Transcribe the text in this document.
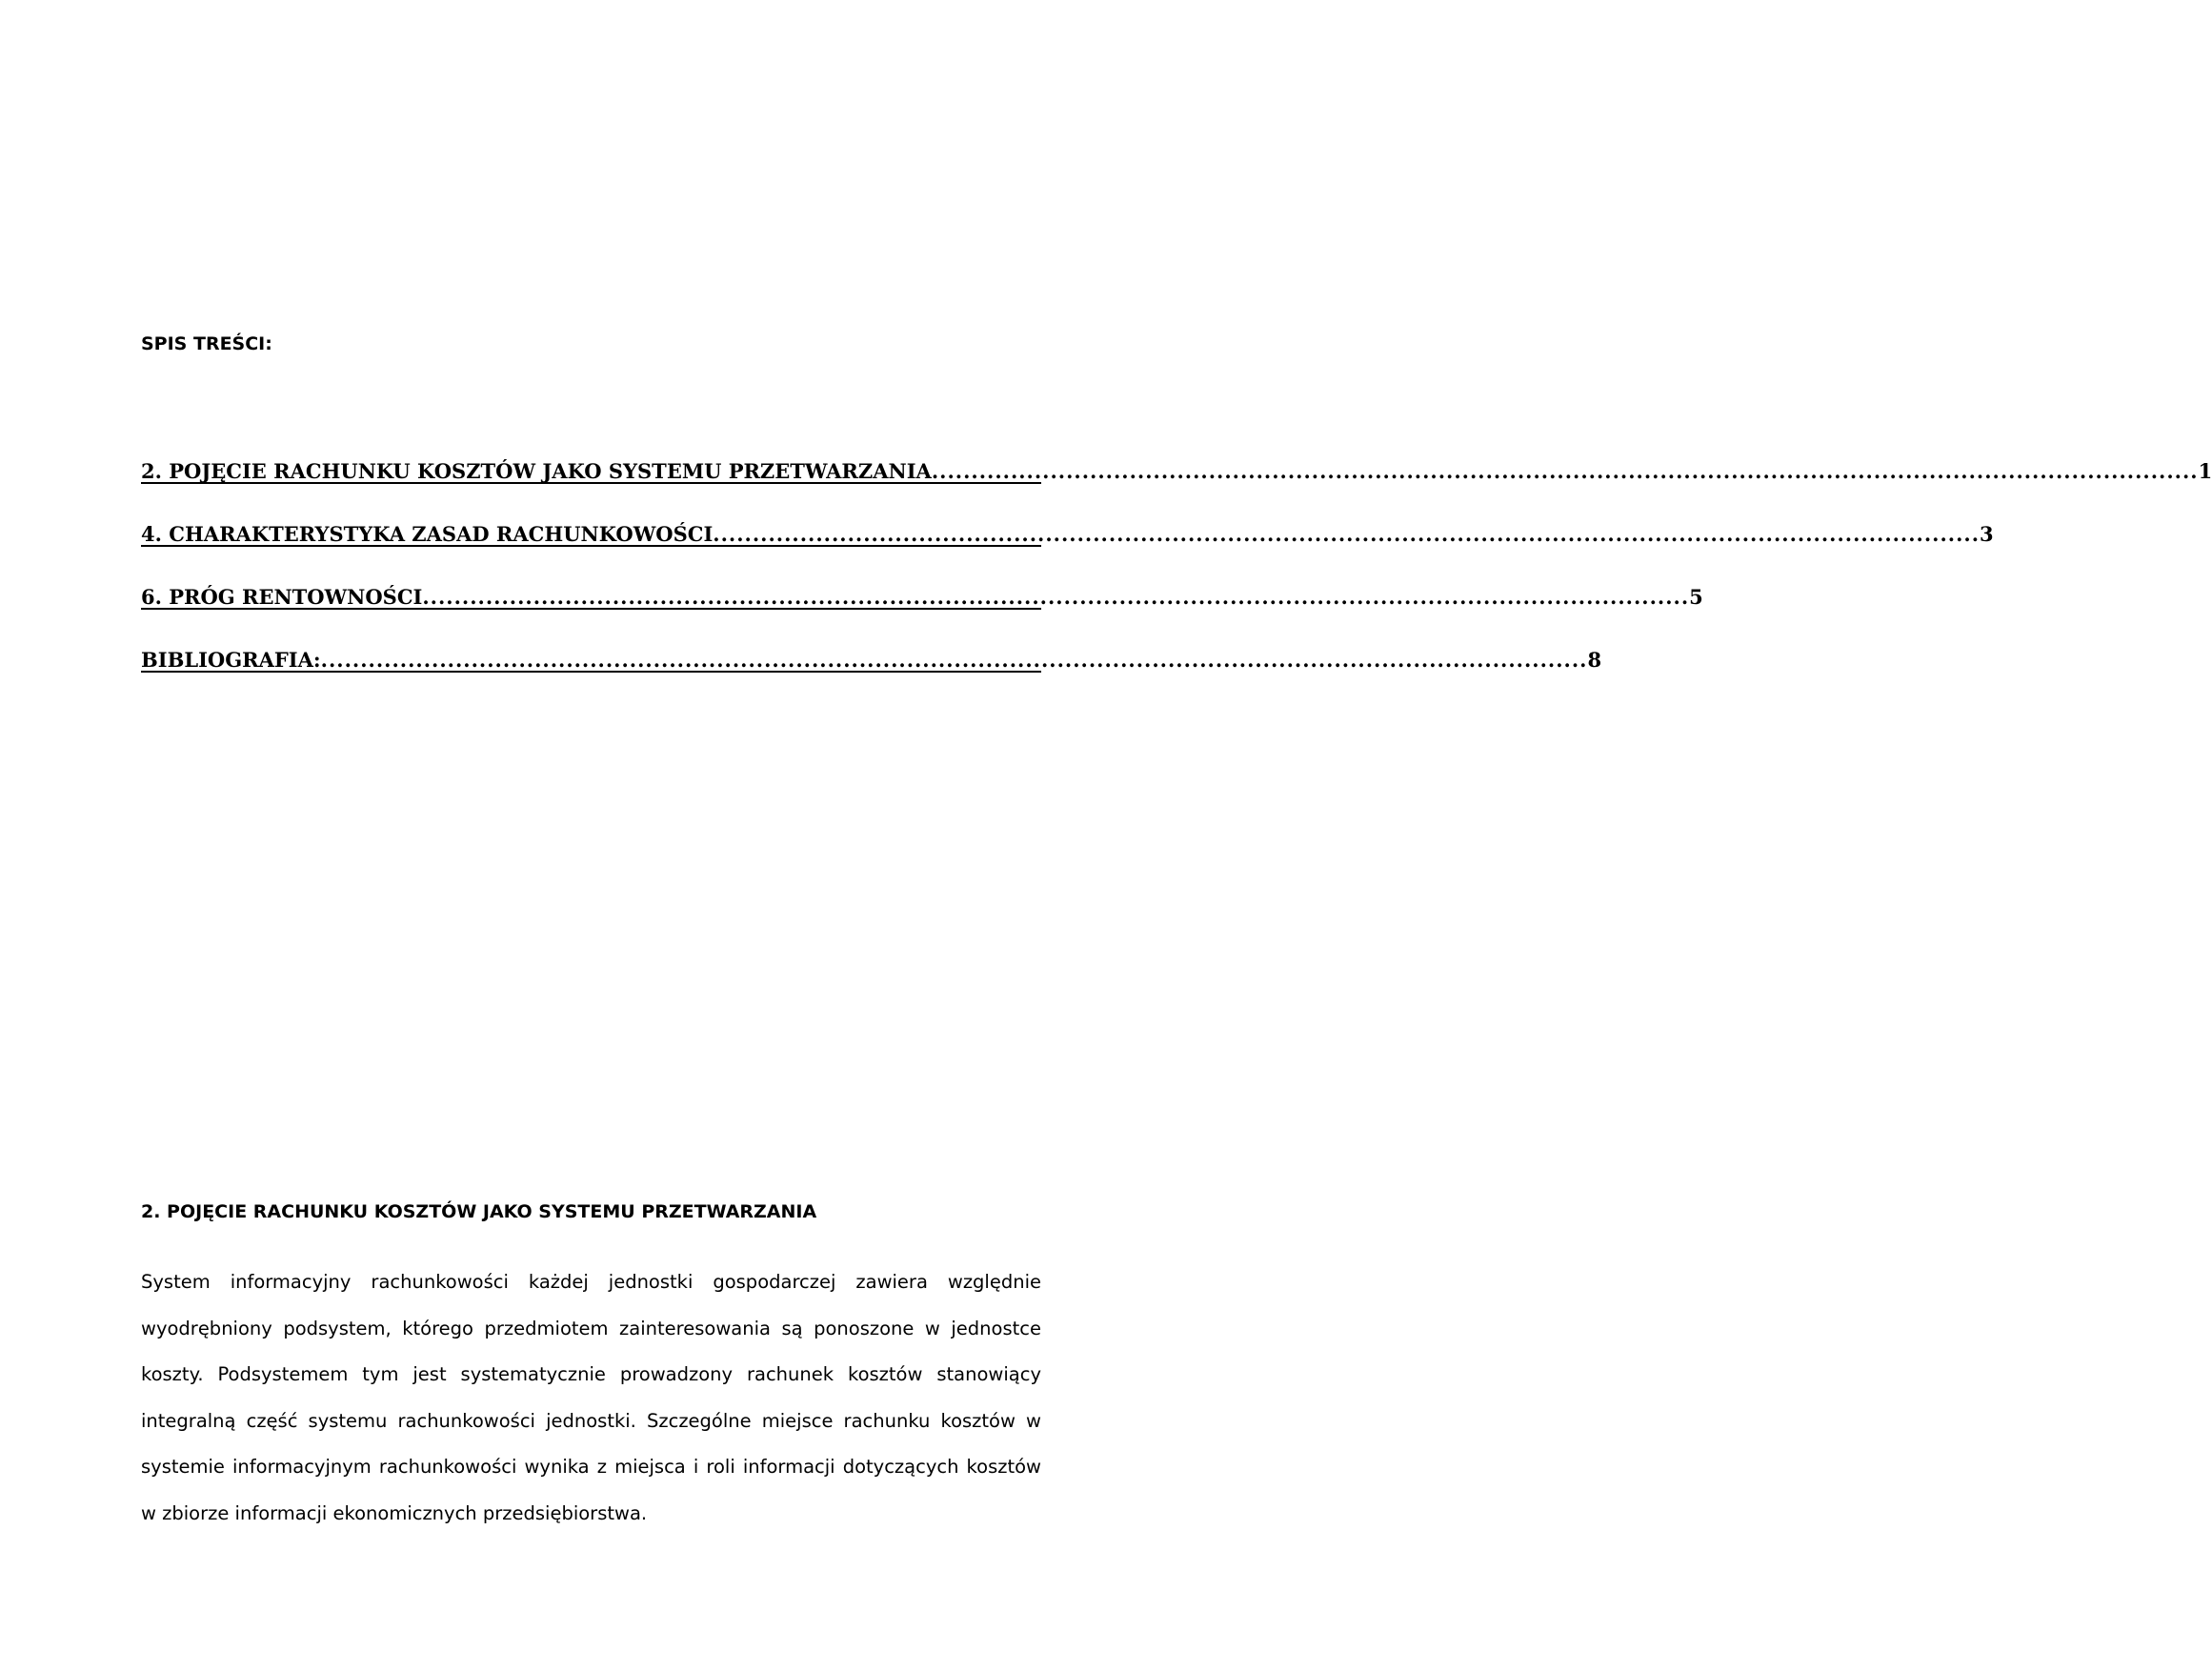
SPIS TREŚCI:
2. POJĘCIE RACHUNKU KOSZTÓW JAKO SYSTEMU PRZETWARZANIA ................................................................................................................................................................ 1
4. CHARAKTERYSTYKA ZASAD RACHUNKOWOŚCI ................................................................................................................................................................ 3
6. PRÓG RENTOWNOŚCI ................................................................................................................................................................ 5
BIBLIOGRAFIA: ................................................................................................................................................................ 8
2. POJĘCIE RACHUNKU KOSZTÓW JAKO SYSTEMU PRZETWARZANIA

System informacyjny rachunkowości każdej jednostki gospodarczej zawiera względnie wyodrębniony podsystem, którego przedmiotem zainteresowania są ponoszone w jednostce koszty. Podsystemem tym jest systematycznie prowadzony rachunek kosztów stanowiący integralną część systemu rachunkowości jednostki. Szczególne miejsce rachunku kosztów w systemie informacyjnym rachunkowości wynika z miejsca i roli informacji dotyczących kosztów w zbiorze informacji ekonomicznych przedsiębiorstwa.
